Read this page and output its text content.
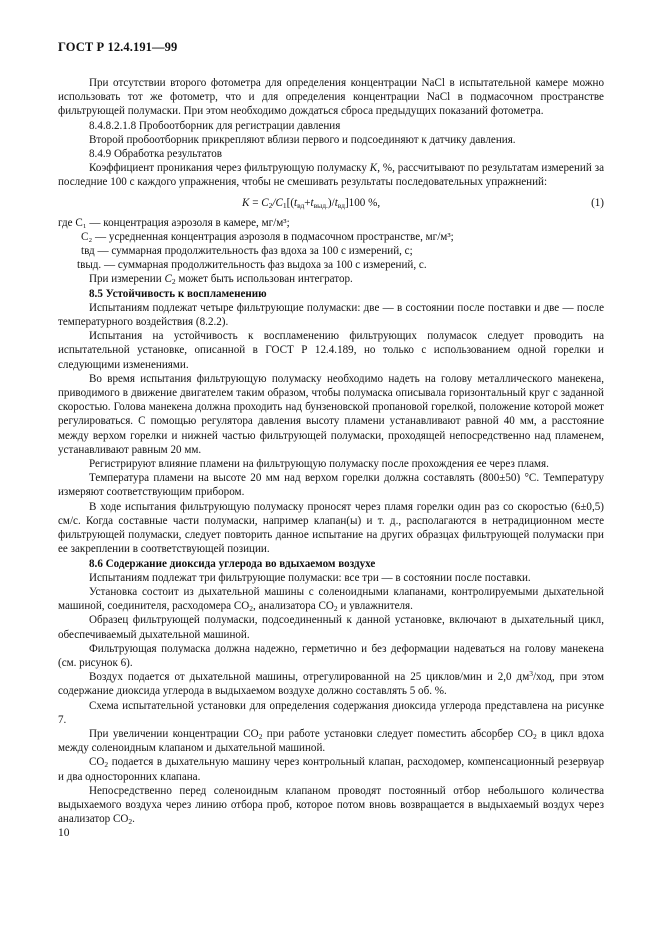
ГОСТ Р 12.4.191—99

При отсутствии второго фотометра для определения концентрации NaCl в испытательной камере можно использовать тот же фотометр, что и для определения концентрации NaCl в подмасочном пространстве фильтрующей полумаски. При этом необходимо дождаться сброса предыдущих показаний фотометра.

8.4.8.2.1.8 Пробоотборник для регистрации давления

Второй пробоотборник прикрепляют вблизи первого и подсоединяют к датчику давления.

8.4.9 Обработка результатов

Коэффициент проникания через фильтрующую полумаску K, %, рассчитывают по результатам измерений за последние 100 с каждого упражнения, чтобы не смешивать результаты последовательных упражнений:

$K = C_2/C_1[(t_{вд}+t_{выд.})/t_{вд}]100$ %,	(1)
где C₁ — концентрация аэрозоля в камере, мг/м³;
C₂ — усредненная концентрация аэрозоля в подмасочном пространстве, мг/м³;
tвд — суммарная продолжительность фаз вдоха за 100 с измерений, с;
tвыд. — суммарная продолжительность фаз выдоха за 100 с измерений, с.

При измерении $C_2$ может быть использован интегратор.

8.5 Устойчивость к воспламенению

Испытаниям подлежат четыре фильтрующие полумаски: две — в состоянии после поставки и две — после температурного воздействия (8.2.2).

Испытания на устойчивость к воспламенению фильтрующих полумасок следует проводить на испытательной установке, описанной в ГОСТ Р 12.4.189, но только с использованием одной горелки и следующими изменениями.

Во время испытания фильтрующую полумаску необходимо надеть на голову металлического манекена, приводимого в движение двигателем таким образом, чтобы полумаска описывала горизонтальный круг с заданной скоростью. Голова манекена должна проходить над бунзеновской пропановой горелкой, положение которой может регулироваться. С помощью регулятора давления высоту пламени устанавливают равной 40 мм, а расстояние между верхом горелки и нижней частью фильтрующей полумаски, проходящей непосредственно над пламенем, устанавливают равным 20 мм.

Регистрируют влияние пламени на фильтрующую полумаску после прохождения ее через пламя.

Температура пламени на высоте 20 мм над верхом горелки должна составлять (800±50) °С. Температуру измеряют соответствующим прибором.

В ходе испытания фильтрующую полумаску проносят через пламя горелки один раз со скоростью (6±0,5) см/с. Когда составные части полумаски, например клапан(ы) и т. д., располагаются в нетрадиционном месте фильтрующей полумаски, следует повторить данное испытание на других образцах фильтрующей полумаски при ее закреплении в соответствующей позиции.

8.6 Содержание диоксида углерода во вдыхаемом воздухе

Испытаниям подлежат три фильтрующие полумаски: все три — в состоянии после поставки.

Установка состоит из дыхательной машины с соленоидными клапанами, контролируемыми дыхательной машиной, соединителя, расходомера $CO_2$, анализатора $CO_2$ и увлажнителя.

Образец фильтрующей полумаски, подсоединенный к данной установке, включают в дыхательный цикл, обеспечиваемый дыхательной машиной.

Фильтрующая полумаска должна надежно, герметично и без деформации надеваться на голову манекена (см. рисунок 6).

Воздух подается от дыхательной машины, отрегулированной на 25 циклов/мин и 2,0 $дм^3$/ход, при этом содержание диоксида углерода в выдыхаемом воздухе должно составлять 5 об. %.

Схема испытательной установки для определения содержания диоксида углерода представлена на рисунке 7.

При увеличении концентрации $CO_2$ при работе установки следует поместить абсорбер $CO_2$ в цикл вдоха между соленоидным клапаном и дыхательной машиной.

$CO_2$ подается в дыхательную машину через контрольный клапан, расходомер, компенсационный резервуар и два односторонних клапана.

Непосредственно перед соленоидным клапаном проводят постоянный отбор небольшого количества выдыхаемого воздуха через линию отбора проб, которое потом вновь возвращается в выдыхаемый воздух через анализатор $CO_2$.

10
